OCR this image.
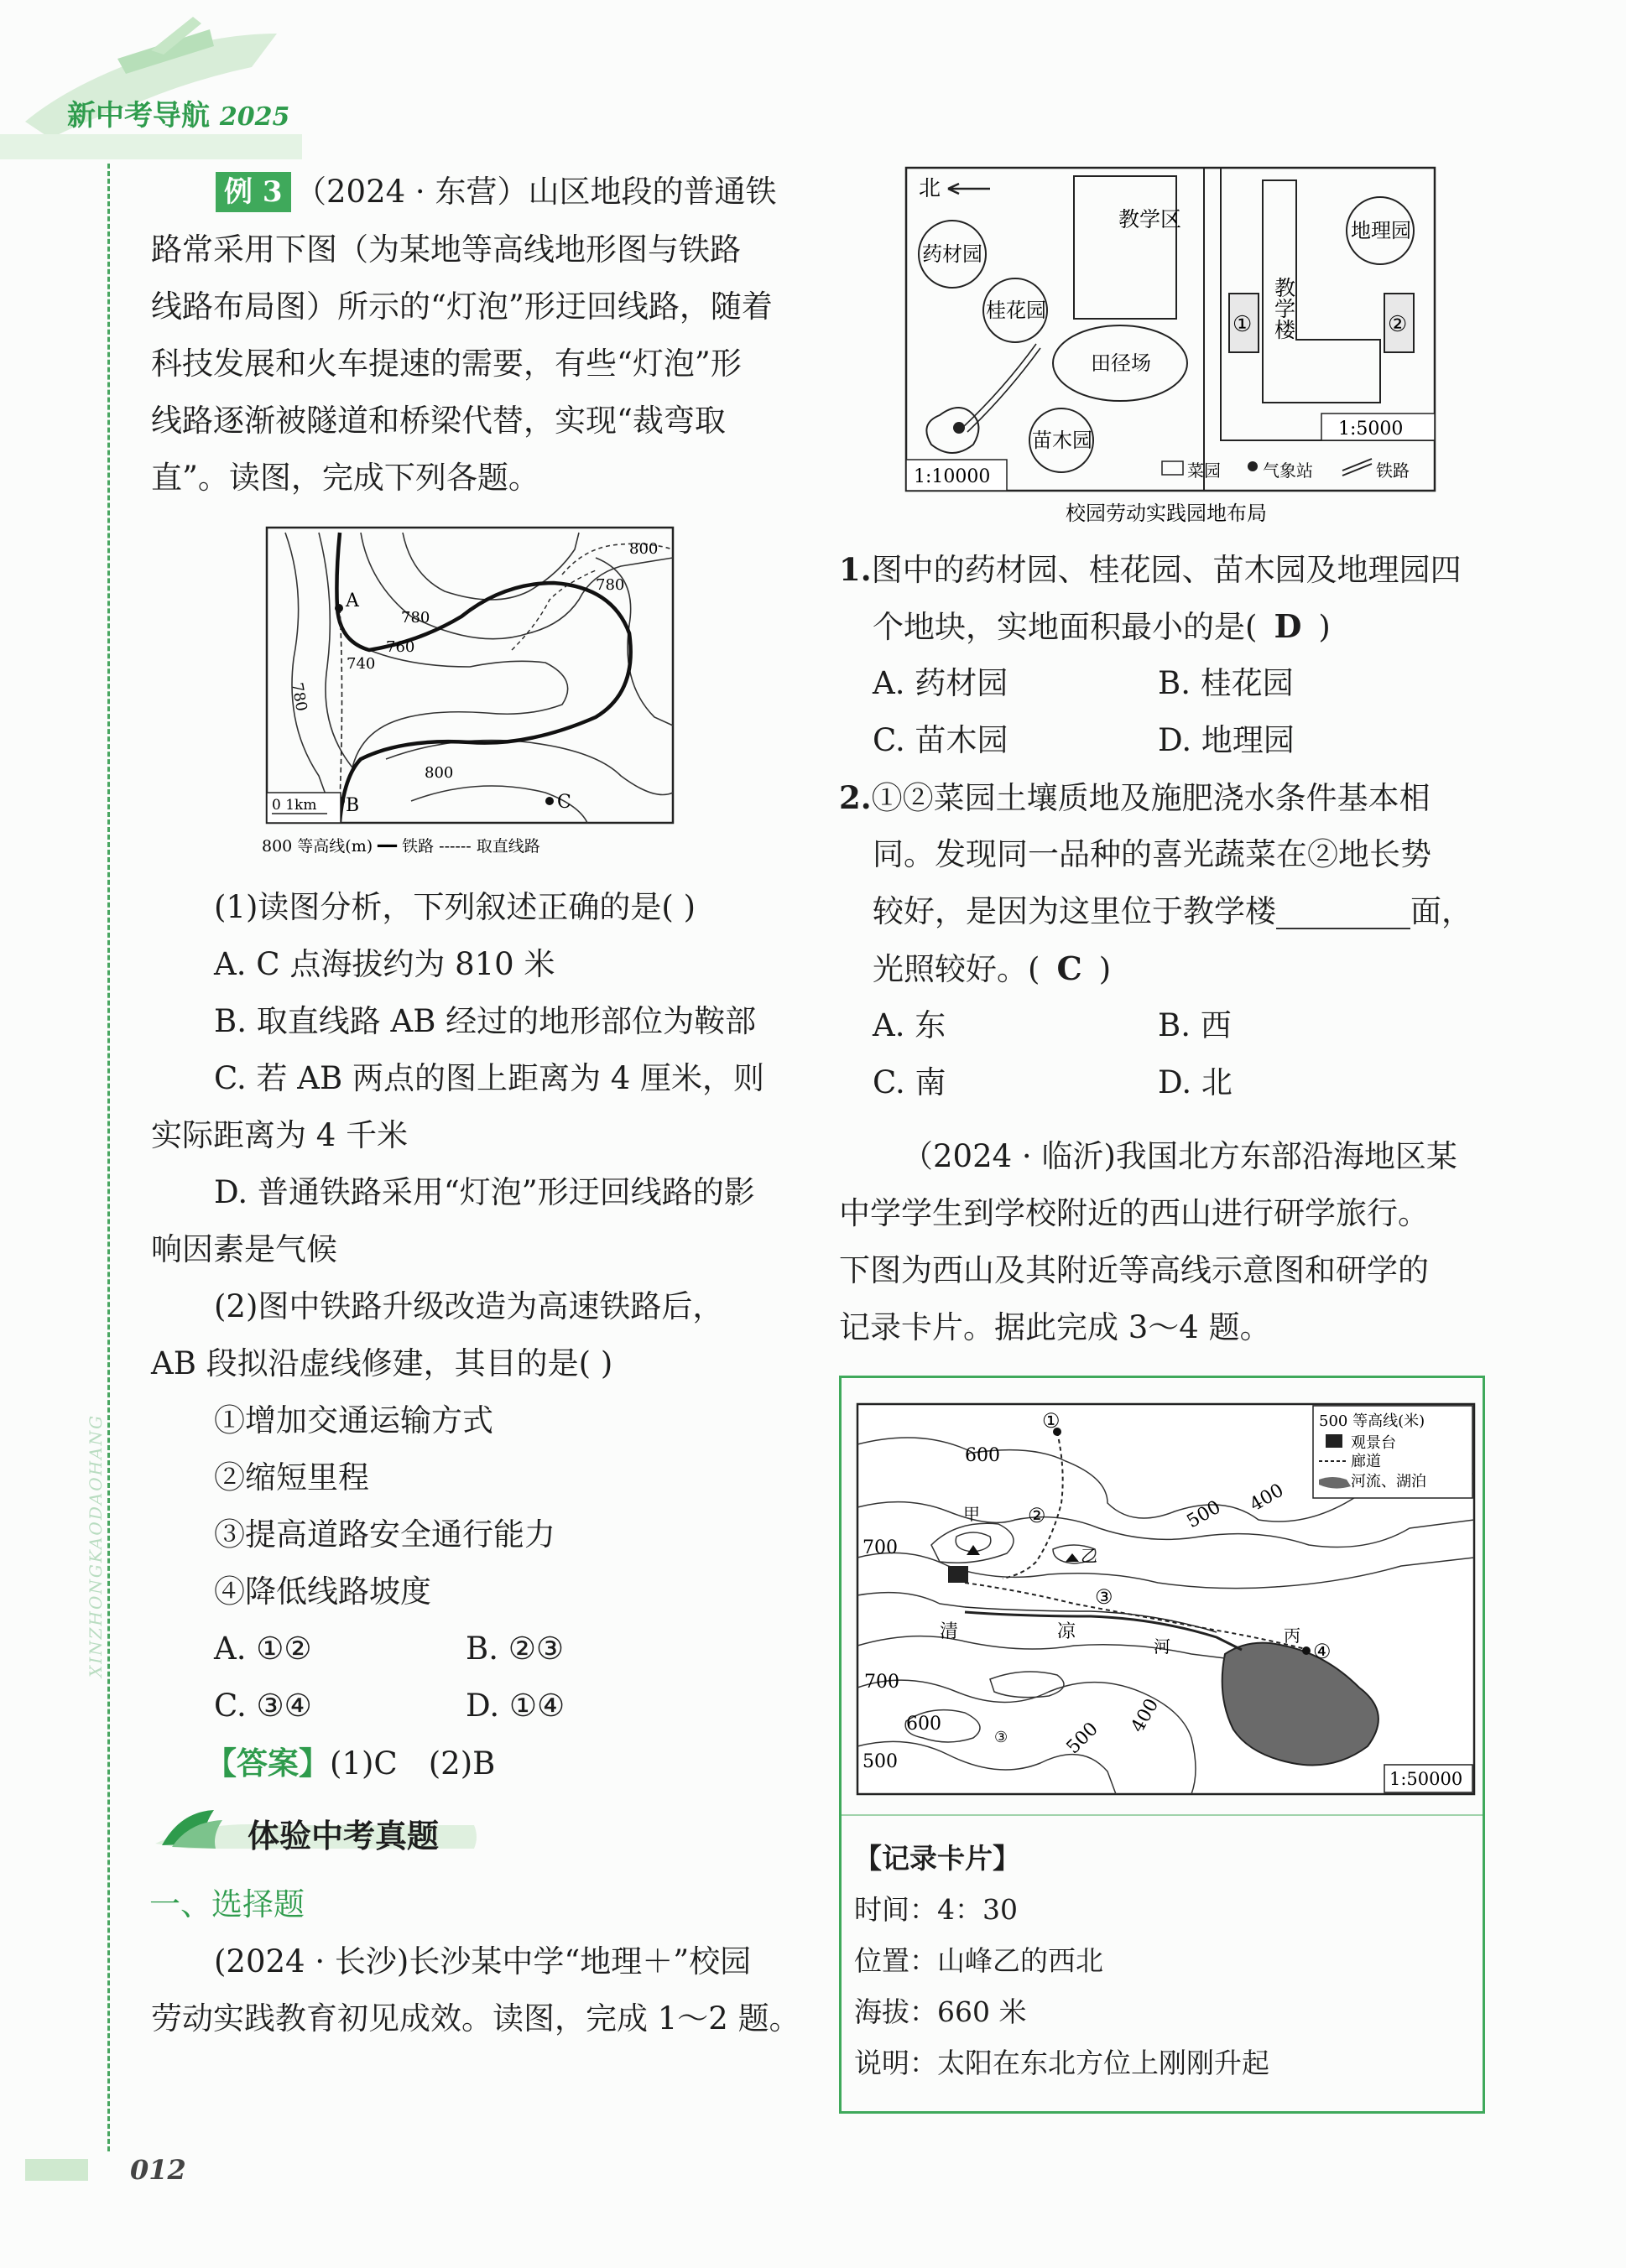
新中考导航 2025
XINZHONGKAODAOHANG
例 3 （2024 · 东营）山区地段的普通铁
路常采用下图（为某地等高线地形图与铁路
线路布局图）所示的“灯泡”形迂回线路，随着
科技发展和火车提速的需要，有些“灯泡”形
线路逐渐被隧道和桥梁代替，实现“裁弯取
直”。读图，完成下列各题。
A
B	C
800
780
780
760
740
780
800
0 1km
800 等高线(m) ━━ 铁路 ------ 取直线路
(1)读图分析，下列叙述正确的是( )
A. C 点海拔约为 810 米
B. 取直线路 AB 经过的地形部位为鞍部
C. 若 AB 两点的图上距离为 4 厘米，则
实际距离为 4 千米
D. 普通铁路采用“灯泡”形迂回线路的影
响因素是气候
(2)图中铁路升级改造为高速铁路后，
AB 段拟沿虚线修建，其目的是( )
①增加交通运输方式
②缩短里程
③提高道路安全通行能力
④降低线路坡度
A. ①②	B. ②③
C. ③④	D. ①④
【答案】(1)C　(2)B
体验中考真题
一、选择题
(2024 · 长沙)长沙某中学“地理＋”校园
劳动实践教育初见成效。读图，完成 1～2 题。
012
北
教学区
药材园
桂花园
田径场
苗木园
1:10000
教学楼
地理园
①	②
1:5000
菜园	气象站	铁路
校园劳动实践园地布局
1.图中的药材园、桂花园、苗木园及地理园四
个地块，实地面积最小的是( D )
A. 药材园	B. 桂花园
C. 苗木园	D. 地理园
2.①②菜园土壤质地及施肥浇水条件基本相
同。发现同一品种的喜光蔬菜在②地长势
较好，是因为这里位于教学楼	面，
光照较好。( C )
A. 东	B. 西
C. 南	D. 北
（2024 · 临沂)我国北方东部沿海地区某
中学学生到学校附近的西山进行研学旅行。
下图为西山及其附近等高线示意图和研学的
记录卡片。据此完成 3～4 题。
①
②
③
④
甲
乙
丙
清	凉
河
600
700
500 400
700
600
500
500
400
③
500 等高线(米)
观景台
廊道
河流、湖泊
1:50000
【记录卡片】
时间：4：30
位置：山峰乙的西北
海拔：660 米
说明：太阳在东北方位上刚刚升起
